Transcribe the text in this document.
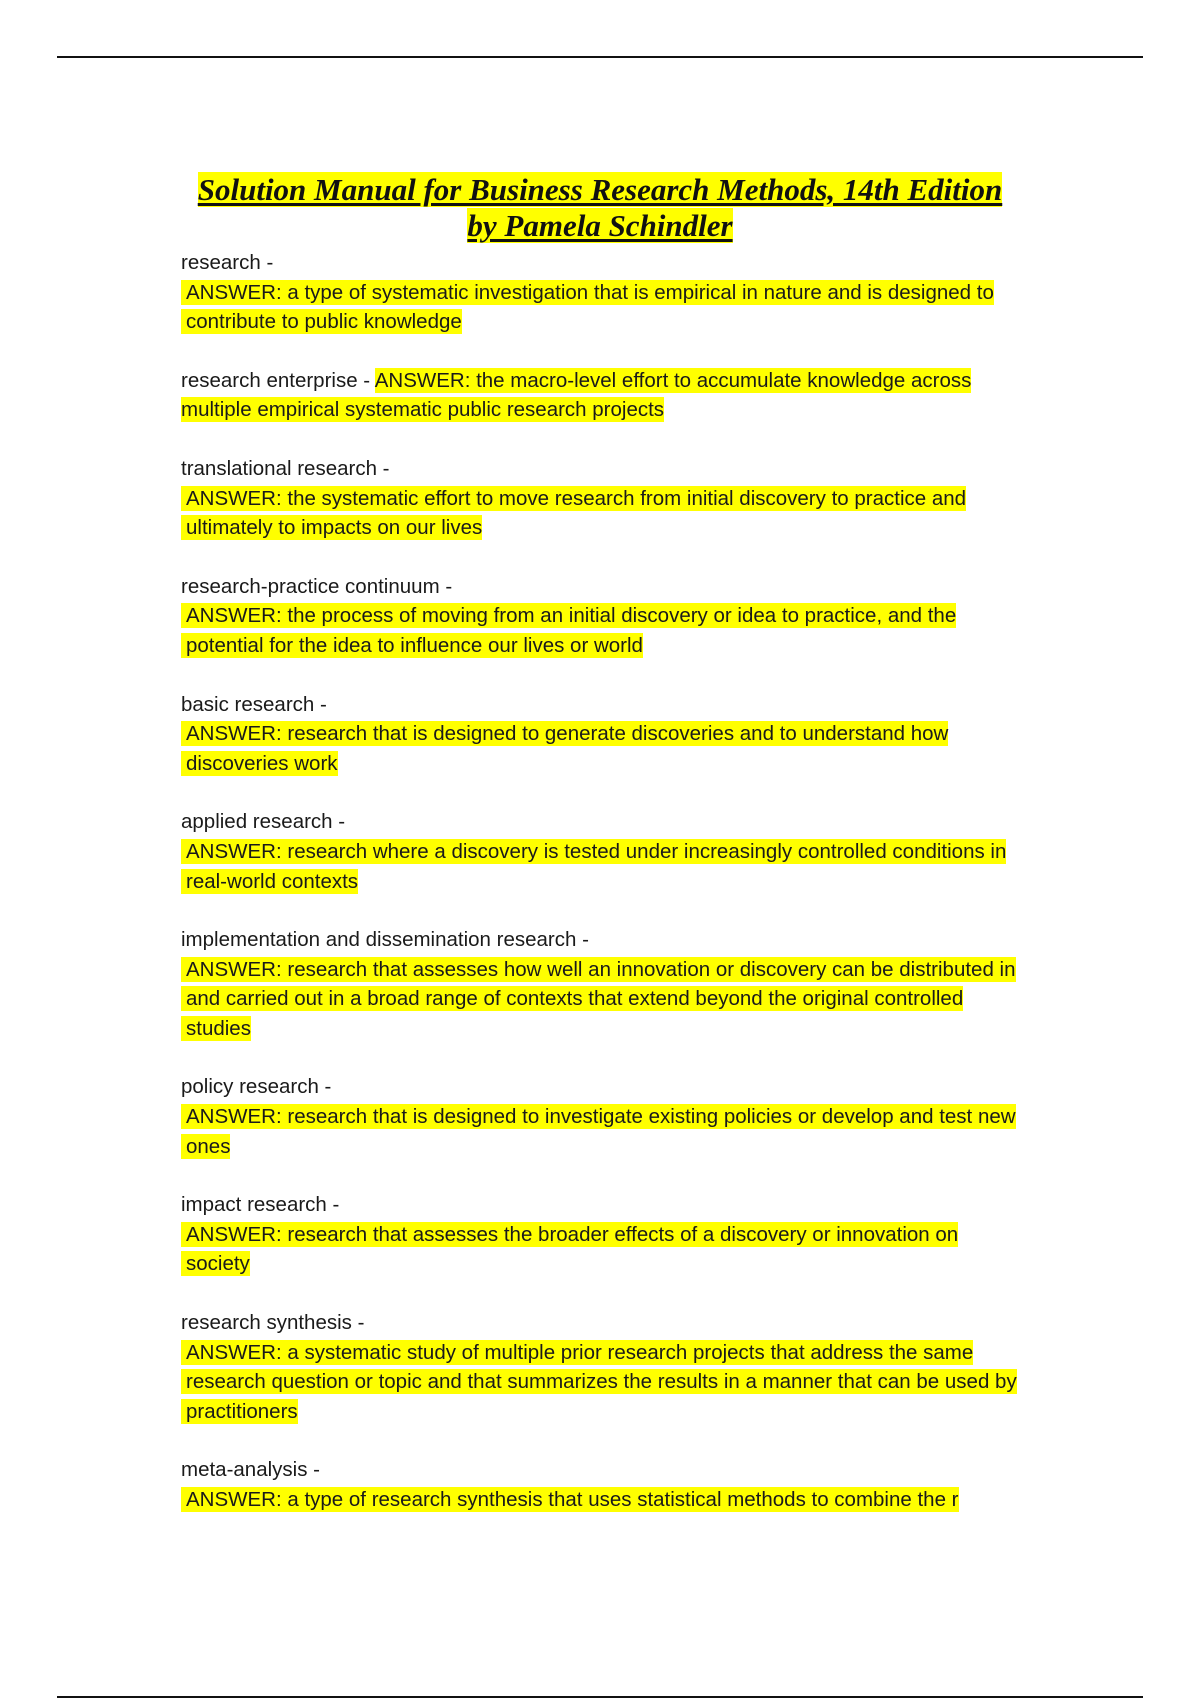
Solution Manual for Business Research Methods, 14th Edition by Pamela Schindler
research -
ANSWER: a type of systematic investigation that is empirical in nature and is designed to contribute to public knowledge
research enterprise - ANSWER: the macro-level effort to accumulate knowledge across multiple empirical systematic public research projects
translational research -
ANSWER: the systematic effort to move research from initial discovery to practice and ultimately to impacts on our lives
research-practice continuum -
ANSWER: the process of moving from an initial discovery or idea to practice, and the potential for the idea to influence our lives or world
basic research -
ANSWER: research that is designed to generate discoveries and to understand how discoveries work
applied research -
ANSWER: research where a discovery is tested under increasingly controlled conditions in real-world contexts
implementation and dissemination research -
ANSWER: research that assesses how well an innovation or discovery can be distributed in and carried out in a broad range of contexts that extend beyond the original controlled studies
policy research -
ANSWER: research that is designed to investigate existing policies or develop and test new ones
impact research -
ANSWER: research that assesses the broader effects of a discovery or innovation on society
research synthesis -
ANSWER: a systematic study of multiple prior research projects that address the same research question or topic and that summarizes the results in a manner that can be used by practitioners
meta-analysis -
ANSWER: a type of research synthesis that uses statistical methods to combine the r
